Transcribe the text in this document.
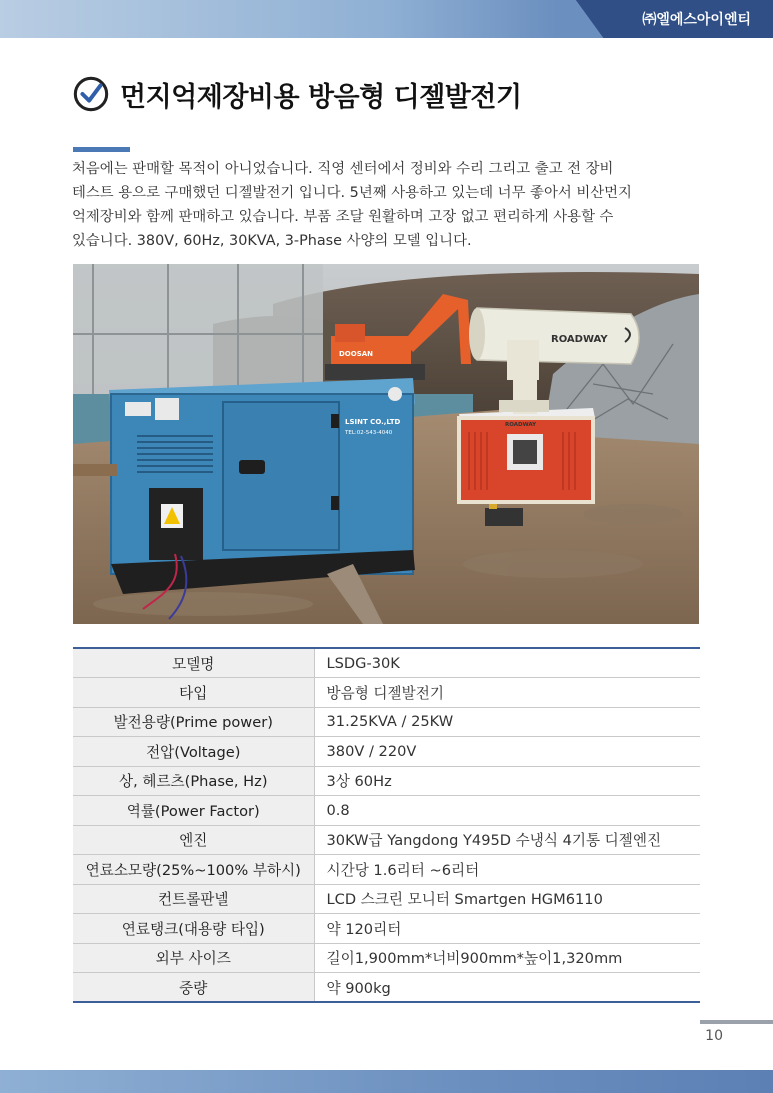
㈜엘에스아이엔티
먼지억제장비용 방음형 디젤발전기
처음에는 판매할 목적이 아니었습니다. 직영 센터에서 정비와 수리 그리고 출고 전 장비
테스트 용으로 구매했던 디젤발전기 입니다. 5년째 사용하고 있는데 너무 좋아서 비산먼지
억제장비와 함께 판매하고 있습니다. 부품 조달 원활하며 고장 없고 편리하게 사용할 수
있습니다. 380V, 60Hz, 30KVA, 3-Phase 사양의 모델 입니다.
DOOSAN
LSINT CO.,LTD
TEL:02-543-4040
ROADWAY
ROADWAY
모델명	LSDG-30K
타입	방음형 디젤발전기
발전용량(Prime power)	31.25KVA / 25KW
전압(Voltage)	380V / 220V
상, 헤르츠(Phase, Hz)	3상 60Hz
역률(Power Factor)	0.8
엔진	30KW급 Yangdong Y495D 수냉식 4기통 디젤엔진
연료소모량(25%~100% 부하시)	시간당 1.6리터 ~6리터
컨트롤판넬	LCD 스크린 모니터 Smartgen HGM6110
연료탱크(대용량 타입)	약 120리터
외부 사이즈	길이1,900mm*너비900mm*높이1,320mm
중량	약 900kg
10
